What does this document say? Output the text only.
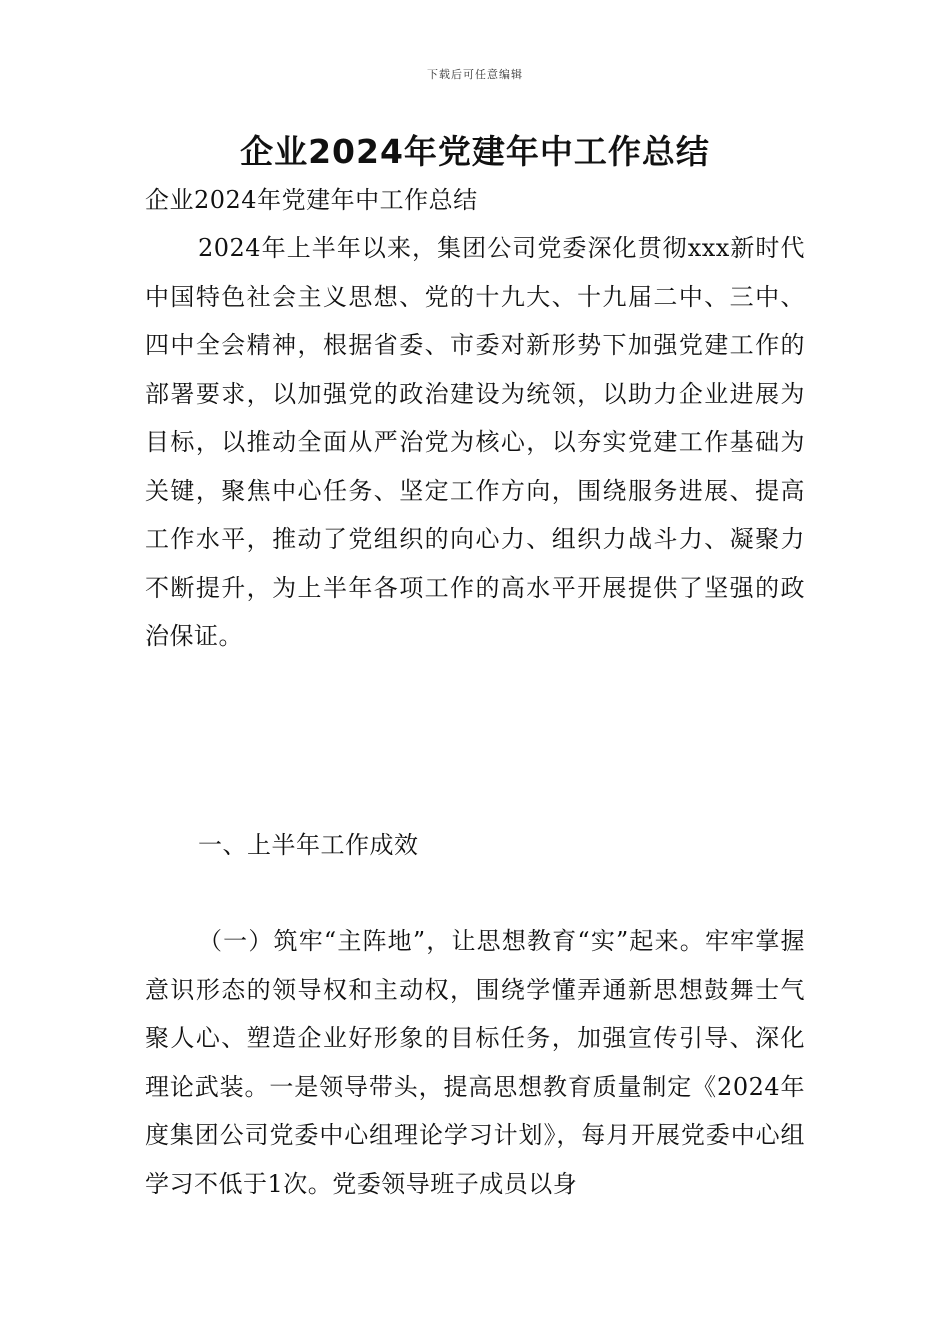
下载后可任意编辑
企业2024年党建年中工作总结
企业2024年党建年中工作总结
2024年上半年以来，集团公司党委深化贯彻xxx新时代中国特色社会主义思想、党的十九大、十九届二中、三中、四中全会精神，根据省委、市委对新形势下加强党建工作的部署要求，以加强党的政治建设为统领，以助力企业进展为目标，以推动全面从严治党为核心，以夯实党建工作基础为关键，聚焦中心任务、坚定工作方向，围绕服务进展、提高工作水平，推动了党组织的向心力、组织力战斗力、凝聚力不断提升，为上半年各项工作的高水平开展提供了坚强的政治保证。
一、上半年工作成效
（一）筑牢“主阵地”，让思想教育“实”起来。牢牢掌握意识形态的领导权和主动权，围绕学懂弄通新思想鼓舞士气聚人心、塑造企业好形象的目标任务，加强宣传引导、深化理论武装。一是领导带头，提高思想教育质量制定《2024年度集团公司党委中心组理论学习计划》，每月开展党委中心组学习不低于1次。党委领导班子成员以身
